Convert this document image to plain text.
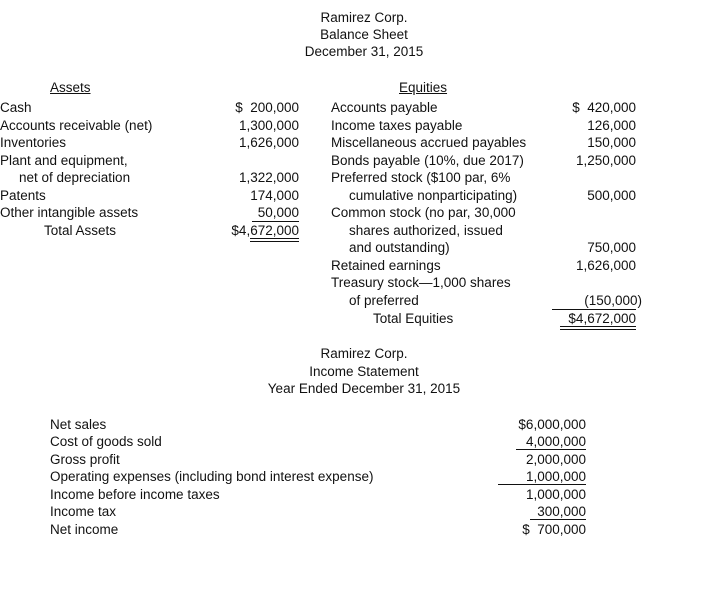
Ramirez Corp.
Balance Sheet
December 31, 2015
Assets
Cash	$  200,000
Accounts receivable (net)	1,300,000
Inventories	1,626,000
Plant and equipment,
net of depreciation	1,322,000
Patents	174,000
Other intangible assets	50,000
Total Assets	$4,672,000
Equities
Accounts payable	$  420,000
Income taxes payable	126,000
Miscellaneous accrued payables	150,000
Bonds payable (10%, due 2017)	1,250,000
Preferred stock ($100 par, 6%
cumulative nonparticipating)	500,000
Common stock (no par, 30,000
shares authorized, issued
and outstanding)	750,000
Retained earnings	1,626,000
Treasury stock—1,000 shares
of preferred	(150,000)
Total Equities	$4,672,000
Ramirez Corp.
Income Statement
Year Ended December 31, 2015
Net sales	$6,000,000
Cost of goods sold	4,000,000
Gross profit	2,000,000
Operating expenses (including bond interest expense)	1,000,000
Income before income taxes	1,000,000
Income tax	300,000
Net income	$  700,000
